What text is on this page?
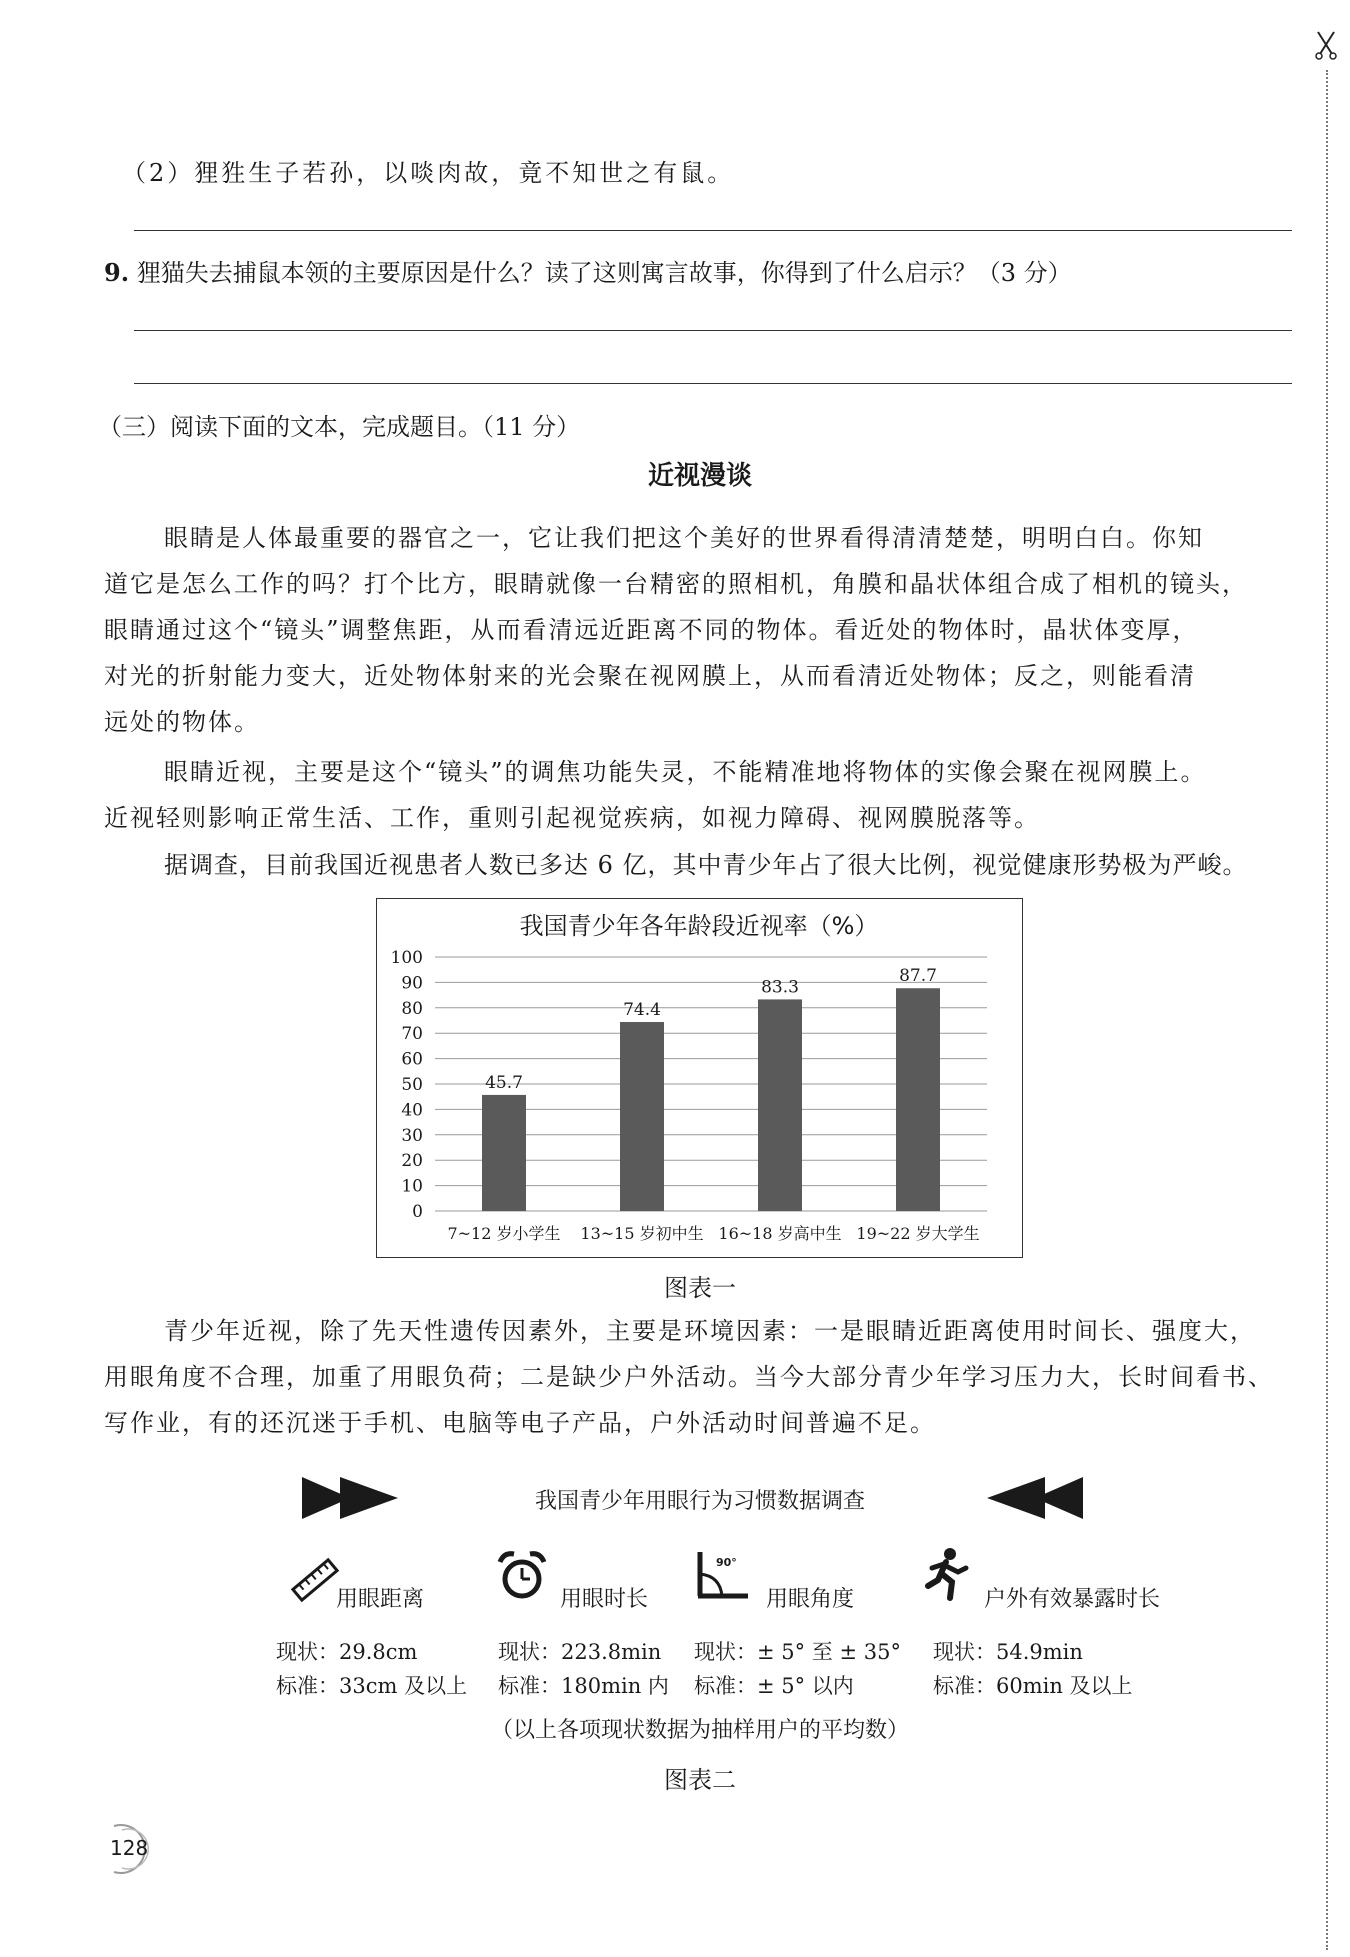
（2）狸狌生子若孙，以啖肉故，竟不知世之有鼠。
9. 狸猫失去捕鼠本领的主要原因是什么？读了这则寓言故事，你得到了什么启示？（3 分）
（三）阅读下面的文本，完成题目。（11 分）
近视漫谈
眼睛是人体最重要的器官之一，它让我们把这个美好的世界看得清清楚楚，明明白白。你知
道它是怎么工作的吗？打个比方，眼睛就像一台精密的照相机，角膜和晶状体组合成了相机的镜头，
眼睛通过这个“镜头”调整焦距，从而看清远近距离不同的物体。看近处的物体时，晶状体变厚，
对光的折射能力变大，近处物体射来的光会聚在视网膜上，从而看清近处物体；反之，则能看清
远处的物体。
眼睛近视，主要是这个“镜头”的调焦功能失灵，不能精准地将物体的实像会聚在视网膜上。
近视轻则影响正常生活、工作，重则引起视觉疾病，如视力障碍、视网膜脱落等。
据调查，目前我国近视患者人数已多达 6 亿，其中青少年占了很大比例，视觉健康形势极为严峻。
我国青少年各年龄段近视率（%）
0
10
20
30
40
50
60
70
80
90
100
45.7
7~12 岁小学生
74.4
13~15 岁初中生
83.3
16~18 岁高中生
87.7
19~22 岁大学生
图表一
青少年近视，除了先天性遗传因素外，主要是环境因素：一是眼睛近距离使用时间长、强度大，
用眼角度不合理，加重了用眼负荷；二是缺少户外活动。当今大部分青少年学习压力大，长时间看书、
写作业，有的还沉迷于手机、电脑等电子产品，户外活动时间普遍不足。
我国青少年用眼行为习惯数据调查
用眼距离
现状：29.8cm
标准：33cm 及以上
用眼时长
现状：223.8min
标准：180min 内
90°
用眼角度
现状：± 5° 至 ± 35°
标准：± 5° 以内
户外有效暴露时长
现状：54.9min
标准：60min 及以上
（以上各项现状数据为抽样用户的平均数）
图表二
128
